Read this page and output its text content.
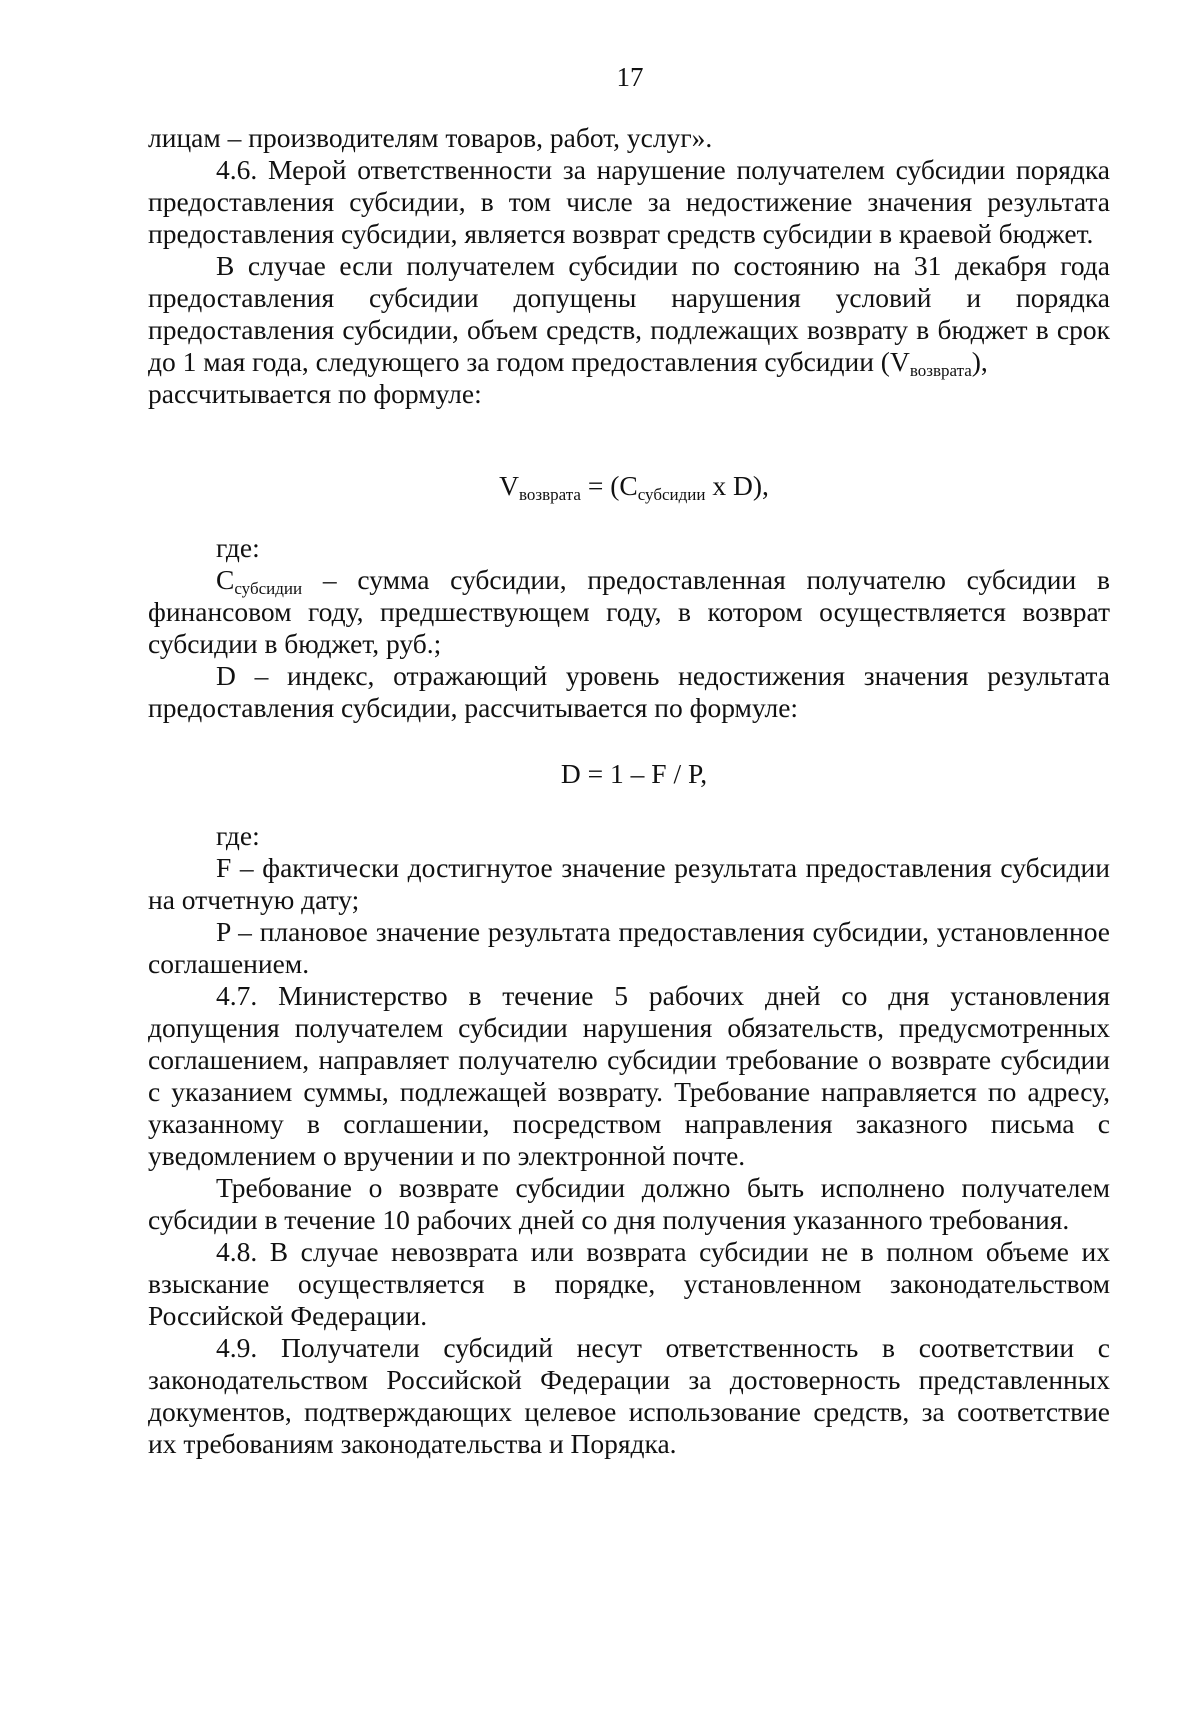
17

лицам – производителям товаров, работ, услуг».

4.6. Мерой ответственности за нарушение получателем субсидии порядка предоставления субсидии, в том числе за недостижение значения результата предоставления субсидии, является возврат средств субсидии в краевой бюджет.

В случае если получателем субсидии по состоянию на 31 декабря года предоставления субсидии допущены нарушения условий и порядка предоставления субсидии, объем средств, подлежащих возврату в бюджет в срок до 1 мая года, следующего за годом предоставления субсидии $(V_{возврата})$,
рассчитывается по формуле:

$V_{возврата} = (C_{субсидии}$ x D),

где:

$C_{субсидии}$ – сумма субсидии, предоставленная получателю субсидии в финансовом году, предшествующем году, в котором осуществляется возврат субсидии в бюджет, руб.;

D – индекс, отражающий уровень недостижения значения результата предоставления субсидии, рассчитывается по формуле:

D = 1 – F / P,

где:

F – фактически достигнутое значение результата предоставления субсидии на отчетную дату;

P – плановое значение результата предоставления субсидии, установленное соглашением.

4.7. Министерство в течение 5 рабочих дней со дня установления допущения получателем субсидии нарушения обязательств, предусмотренных соглашением, направляет получателю субсидии требование о возврате субсидии с указанием суммы, подлежащей возврату. Требование направляется по адресу, указанному в соглашении, посредством направления заказного письма с уведомлением о вручении и по электронной почте.

Требование о возврате субсидии должно быть исполнено получателем субсидии в течение 10 рабочих дней со дня получения указанного требования.

4.8. В случае невозврата или возврата субсидии не в полном объеме их взыскание осуществляется в порядке, установленном законодательством Российской Федерации.

4.9. Получатели субсидий несут ответственность в соответствии с законодательством Российской Федерации за достоверность представленных документов, подтверждающих целевое использование средств, за соответствие их требованиям законодательства и Порядка.
